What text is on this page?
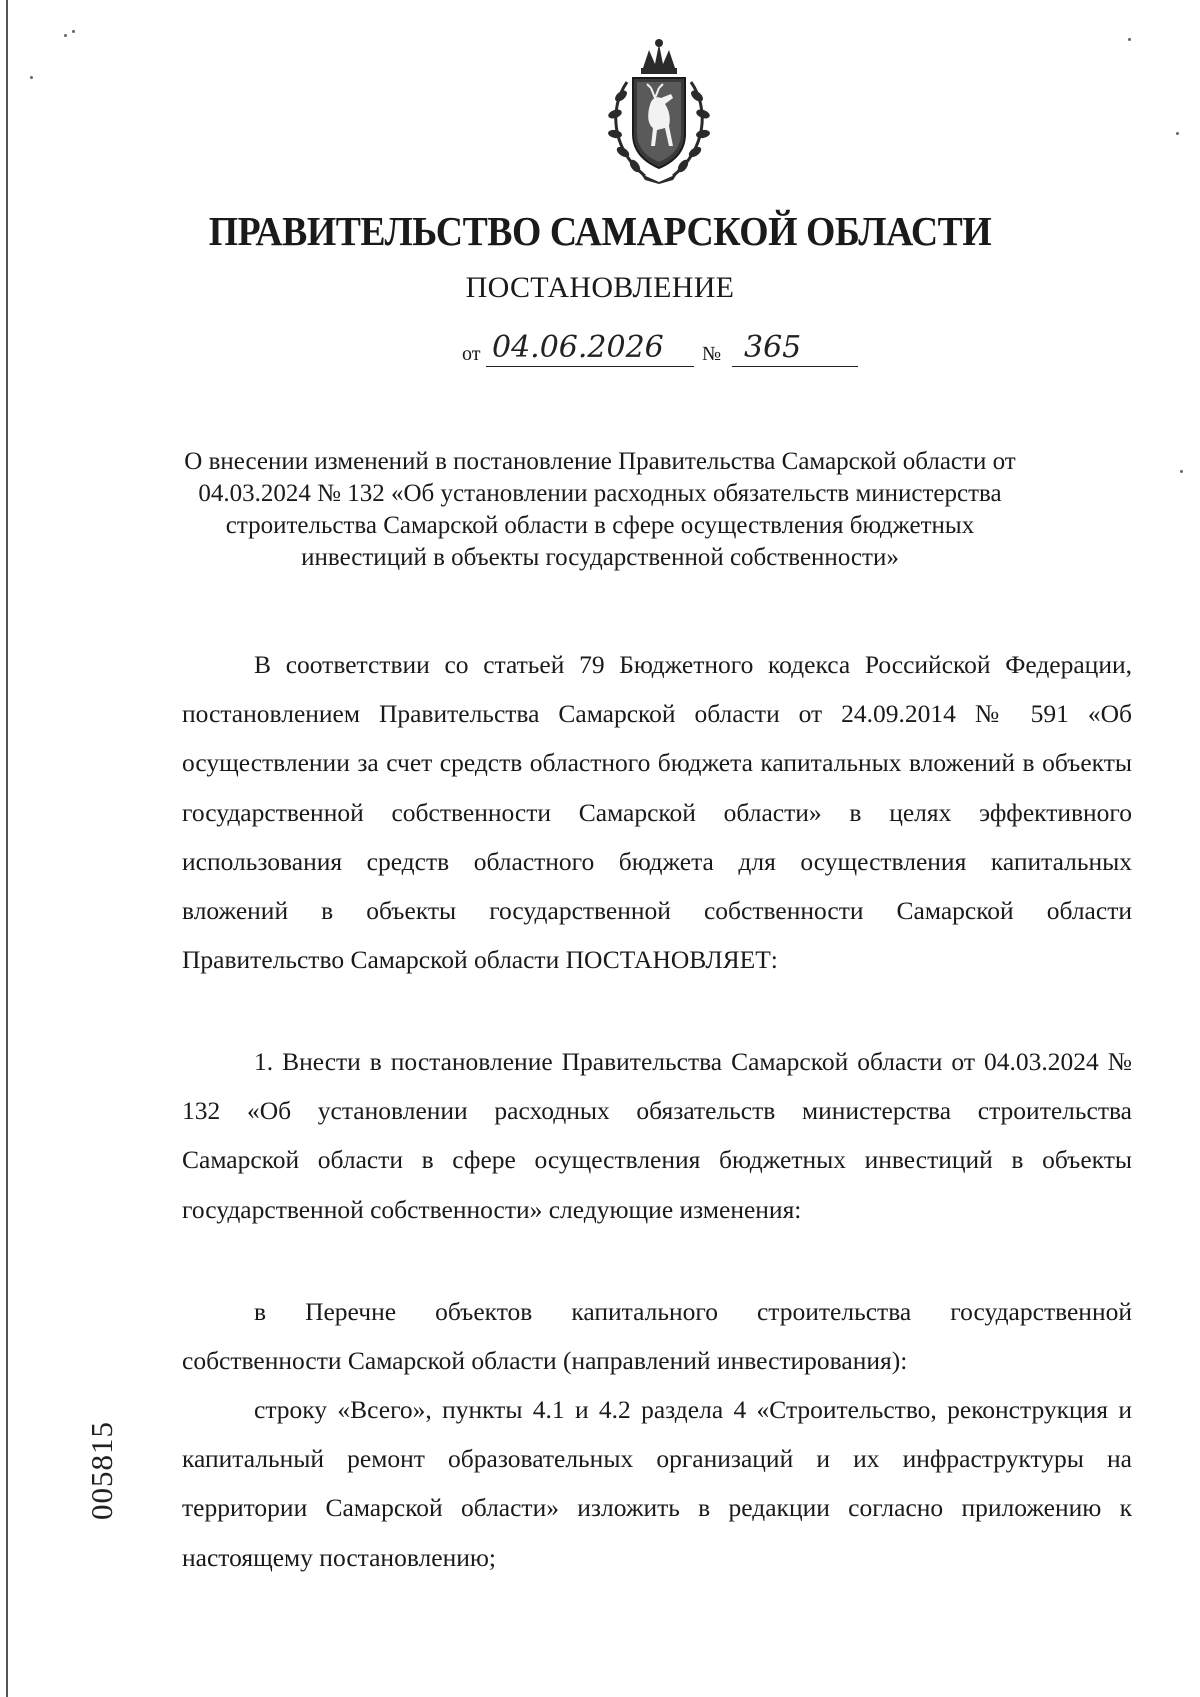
ПРАВИТЕЛЬСТВО САМАРСКОЙ ОБЛАСТИ
ПОСТАНОВЛЕНИЕ
от 04.06.2026 № 365
О внесении изменений в постановление Правительства Самарской области от 04.03.2024 № 132 «Об установлении расходных обязательств министерства строительства Самарской области в сфере осуществления бюджетных инвестиций в объекты государственной собственности»

В соответствии со статьей 79 Бюджетного кодекса Российской Федерации, постановлением Правительства Самарской области от 24.09.2014 № 591 «Об осуществлении за счет средств областного бюджета капитальных вложений в объекты государственной собственности Самарской области» в целях эффективного использования средств областного бюджета для осуществления капитальных вложений в объекты государственной собственности Самарской области Правительство Самарской области ПОСТАНОВЛЯЕТ:

1. Внести в постановление Правительства Самарской области от 04.03.2024 № 132 «Об установлении расходных обязательств министерства строительства Самарской области в сфере осуществления бюджетных инвестиций в объекты государственной собственности» следующие изменения:

в Перечне объектов капитального строительства государственной собственности Самарской области (направлений инвестирования):

строку «Всего», пункты 4.1 и 4.2 раздела 4 «Строительство, реконструкция и капитальный ремонт образовательных организаций и их инфраструктуры на территории Самарской области» изложить в редакции согласно приложению к настоящему постановлению;

005815
